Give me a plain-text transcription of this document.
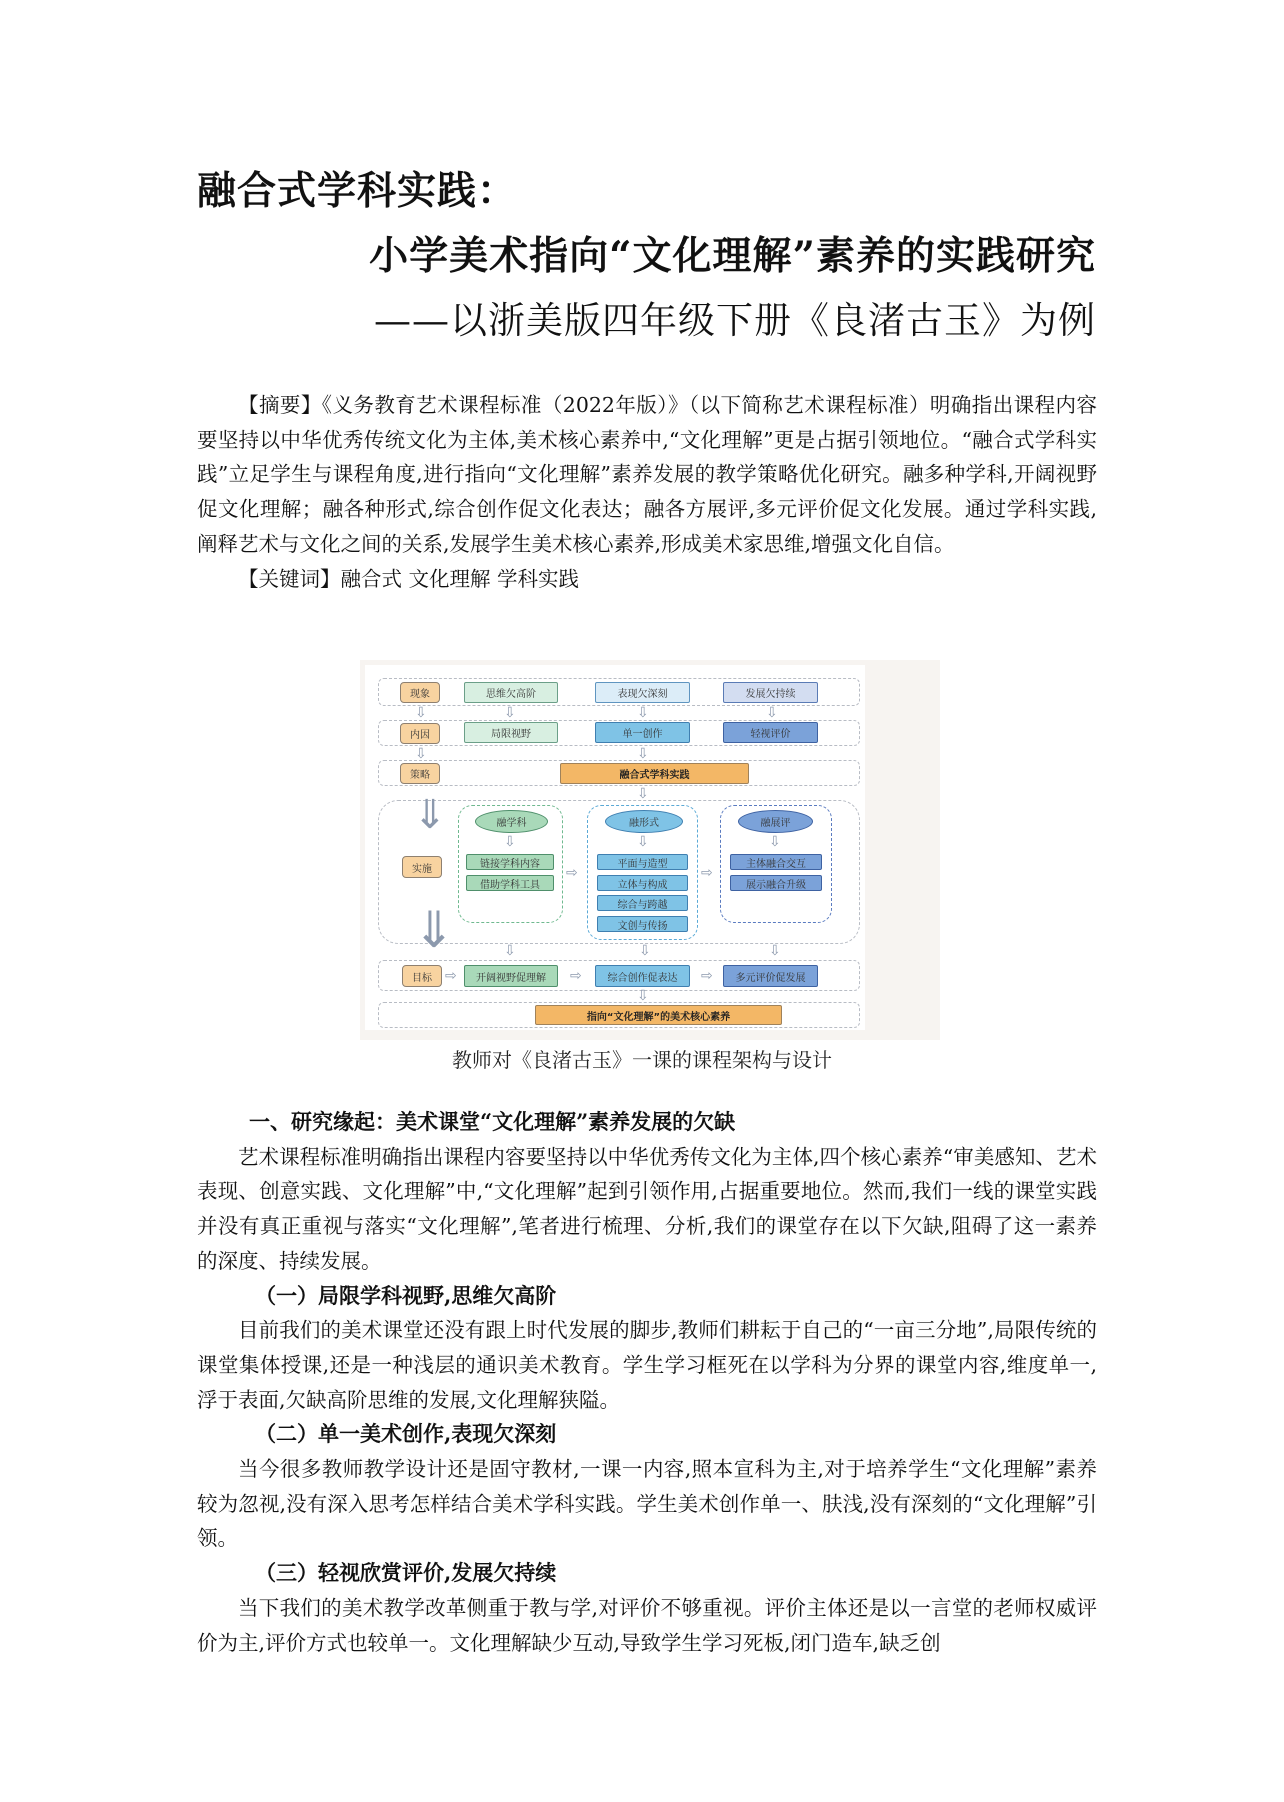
融合式学科实践：
小学美术指向“文化理解”素养的实践研究
——以浙美版四年级下册《良渚古玉》为例

【摘要】《义务教育艺术课程标准（2022年版）》（以下简称艺术课程标准）明确指出课程内容要坚持以中华优秀传统文化为主体,美术核心素养中,“文化理解”更是占据引领地位。“融合式学科实践”立足学生与课程角度,进行指向“文化理解”素养发展的教学策略优化研究。融多种学科,开阔视野促文化理解；融各种形式,综合创作促文化表达；融各方展评,多元评价促文化发展。通过学科实践,阐释艺术与文化之间的关系,发展学生美术核心素养,形成美术家思维,增强文化自信。

【关键词】融合式 文化理解 学科实践

现象
内因
策略
实施
目标
思维欠高阶	表现欠深刻	发展欠持续
局限视野	单一创作	轻视评价
融合式学科实践
融学科
链接学科内容
借助学科工具
融形式
平面与造型
立体与构成
综合与跨越
文创与传扬
融展评
主体融合交互
展示融合升级
开阔视野促理解	综合创作促表达	多元评价促发展
指向“文化理解”的美术核心素养
⇩	⇩	⇩	⇩
⇩	⇩
⇩
⇓
⇓
⇩	⇩	⇩
⇨	⇨
⇩	⇩	⇩
⇨	⇨	⇨
⇩
教师对《良渚古玉》一课的课程架构与设计

一、研究缘起：美术课堂“文化理解”素养发展的欠缺

艺术课程标准明确指出课程内容要坚持以中华优秀传文化为主体,四个核心素养“审美感知、艺术表现、创意实践、文化理解”中,“文化理解”起到引领作用,占据重要地位。然而,我们一线的课堂实践并没有真正重视与落实“文化理解”,笔者进行梳理、分析,我们的课堂存在以下欠缺,阻碍了这一素养的深度、持续发展。

（一）局限学科视野,思维欠高阶

目前我们的美术课堂还没有跟上时代发展的脚步,教师们耕耘于自己的“一亩三分地”,局限传统的课堂集体授课,还是一种浅层的通识美术教育。学生学习框死在以学科为分界的课堂内容,维度单一,浮于表面,欠缺高阶思维的发展,文化理解狭隘。

（二）单一美术创作,表现欠深刻

当今很多教师教学设计还是固守教材,一课一内容,照本宣科为主,对于培养学生“文化理解”素养较为忽视,没有深入思考怎样结合美术学科实践。学生美术创作单一、肤浅,没有深刻的“文化理解”引领。

（三）轻视欣赏评价,发展欠持续

当下我们的美术教学改革侧重于教与学,对评价不够重视。评价主体还是以一言堂的老师权威评价为主,评价方式也较单一。文化理解缺少互动,导致学生学习死板,闭门造车,缺乏创
